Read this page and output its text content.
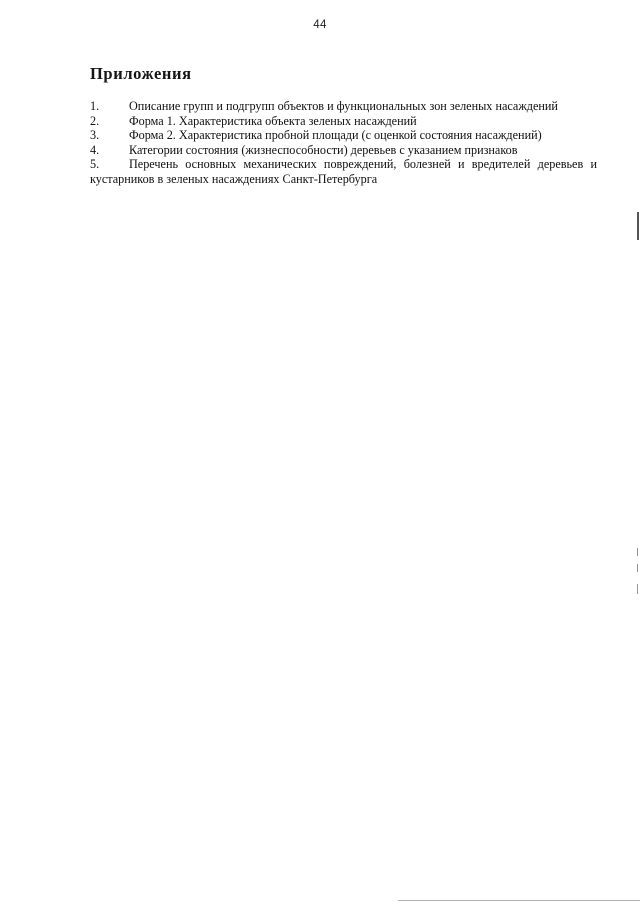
44
Приложения
1. Описание групп и подгрупп объектов и функциональных зон зеленых насаждений
2. Форма 1. Характеристика объекта зеленых насаждений
3. Форма 2. Характеристика пробной площади (с оценкой состояния насаждений)
4. Категории состояния (жизнеспособности) деревьев с указанием признаков
5. Перечень основных механических повреждений, болезней и вредителей деревьев и кустарников в зеленых насаждениях Санкт-Петербурга
